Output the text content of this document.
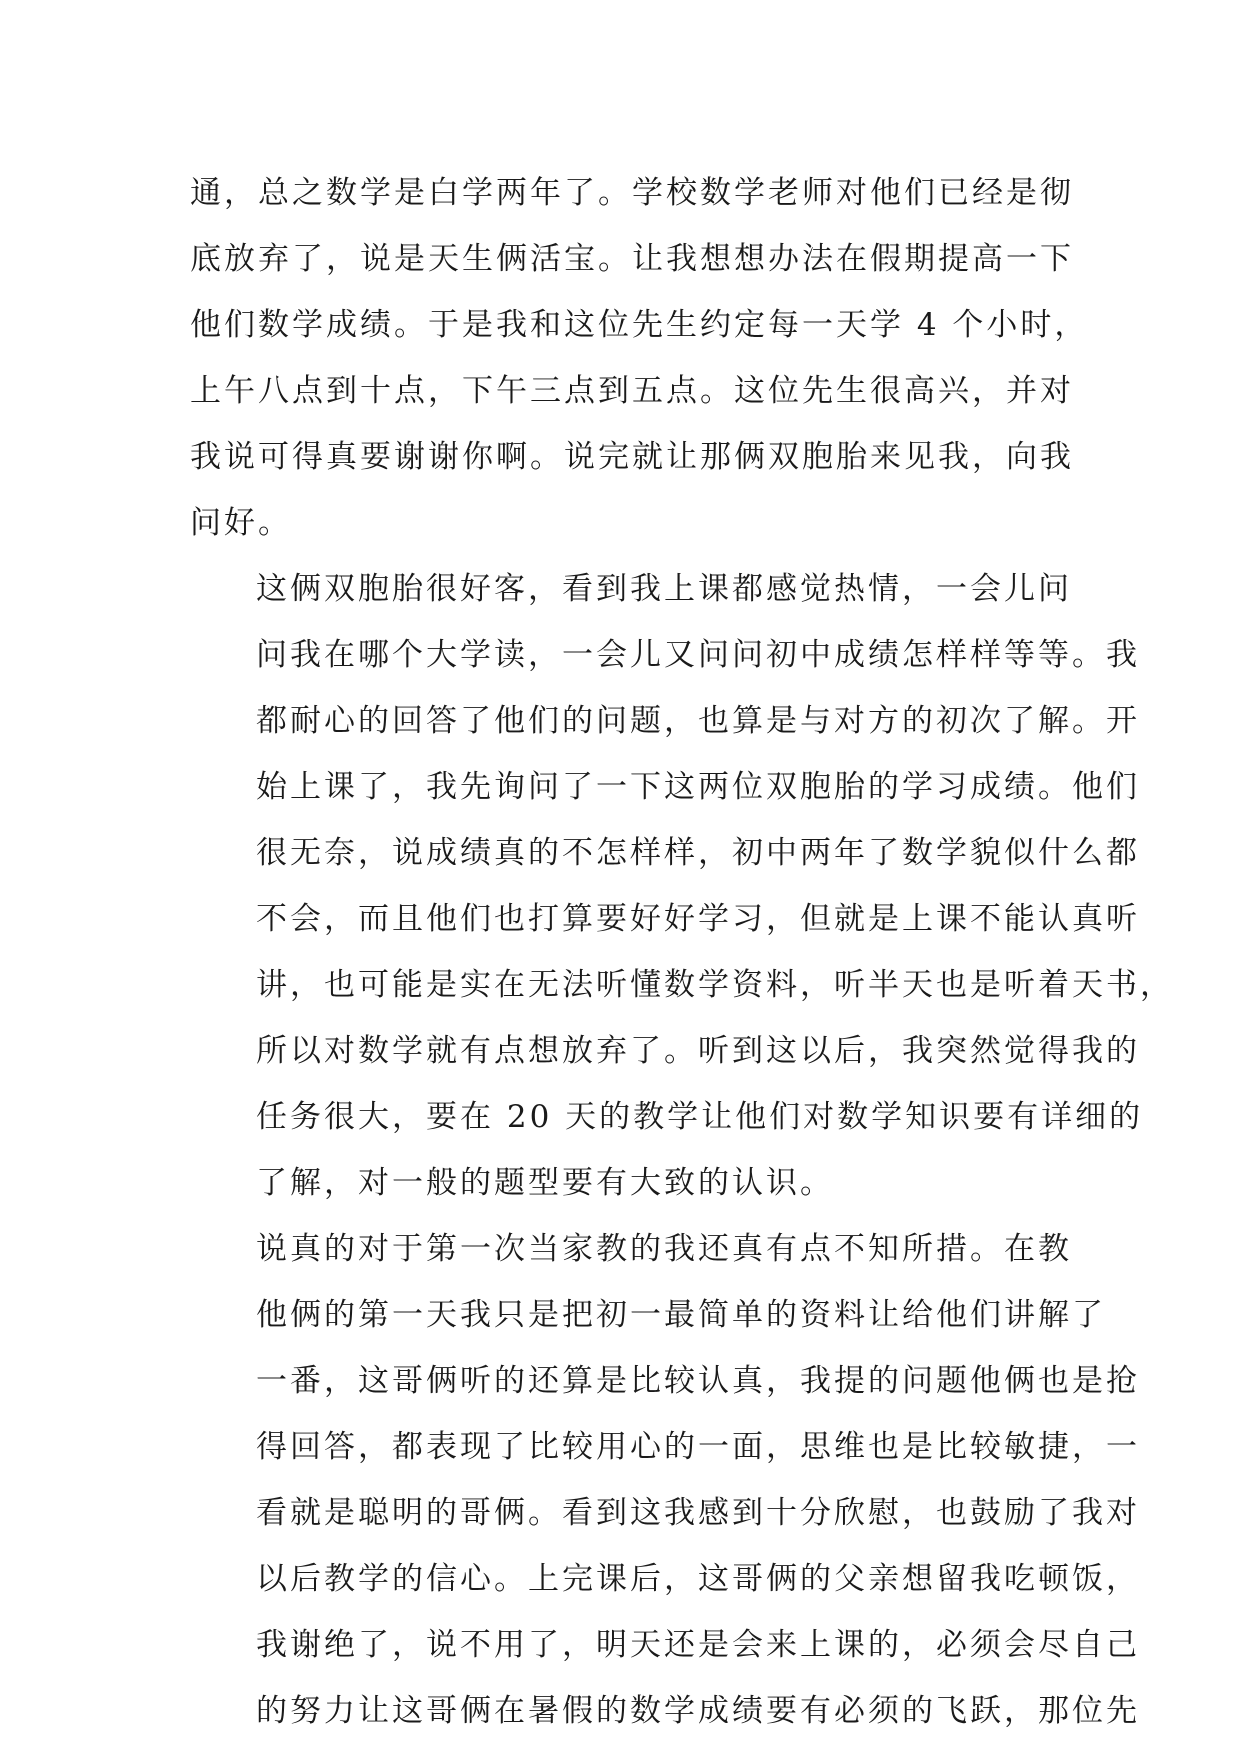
通，总之数学是白学两年了。学校数学老师对他们已经是彻
底放弃了，说是天生俩活宝。让我想想办法在假期提高一下
他们数学成绩。于是我和这位先生约定每一天学 4 个小时，
上午八点到十点，下午三点到五点。这位先生很高兴，并对
我说可得真要谢谢你啊。说完就让那俩双胞胎来见我，向我
问好。
这俩双胞胎很好客，看到我上课都感觉热情，一会儿问
问我在哪个大学读，一会儿又问问初中成绩怎样样等等。我
都耐心的回答了他们的问题，也算是与对方的初次了解。开
始上课了，我先询问了一下这两位双胞胎的学习成绩。他们
很无奈，说成绩真的不怎样样，初中两年了数学貌似什么都
不会，而且他们也打算要好好学习，但就是上课不能认真听
讲，也可能是实在无法听懂数学资料，听半天也是听着天书，
所以对数学就有点想放弃了。听到这以后，我突然觉得我的
任务很大，要在 20 天的教学让他们对数学知识要有详细的
了解，对一般的题型要有大致的认识。
说真的对于第一次当家教的我还真有点不知所措。在教
他俩的第一天我只是把初一最简单的资料让给他们讲解了
一番，这哥俩听的还算是比较认真，我提的问题他俩也是抢
得回答，都表现了比较用心的一面，思维也是比较敏捷，一
看就是聪明的哥俩。看到这我感到十分欣慰，也鼓励了我对
以后教学的信心。上完课后，这哥俩的父亲想留我吃顿饭，
我谢绝了，说不用了，明天还是会来上课的，必须会尽自己
的努力让这哥俩在暑假的数学成绩要有必须的飞跃，那位先
